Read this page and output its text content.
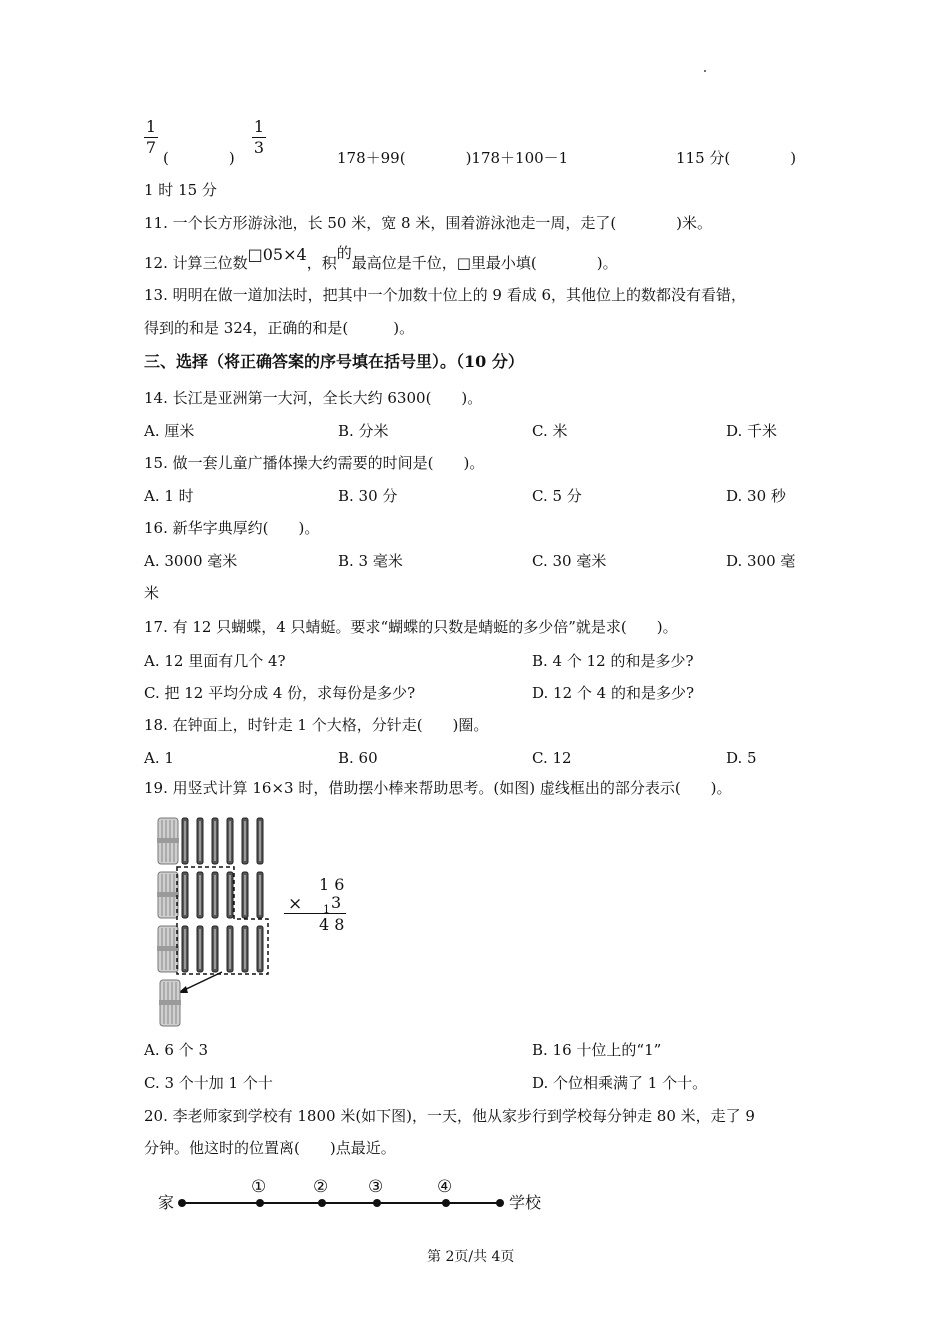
1
7
(　　　　)
1
3
178＋99(　　　　)178＋100－1	115 分(　　　　)
1 时 15 分
11. 一个长方形游泳池，长 50 米，宽 8 米，围着游泳池走一周，走了(　　　　)米。
12. 计算三位数□05×4，积的最高位是千位，□里最小填(　　　　)。
13. 明明在做一道加法时，把其中一个加数十位上的 9 看成 6，其他位上的数都没有看错，
得到的和是 324，正确的和是(　　　)。
三、选择（将正确答案的序号填在括号里）。（10 分）
14. 长江是亚洲第一大河，全长大约 6300(　　)。
A. 厘米	B. 分米	C. 米	D. 千米
15. 做一套儿童广播体操大约需要的时间是(　　)。
A. 1 时	B. 30 分	C. 5 分	D. 30 秒
16. 新华字典厚约(　　)。
A. 3000 毫米	B. 3 毫米	C. 30 毫米	D. 300 毫
米
17. 有 12 只蝴蝶，4 只蜻蜓。要求“蝴蝶的只数是蜻蜓的多少倍”就是求(　　)。
A. 12 里面有几个 4?	B. 4 个 12 的和是多少?
C. 把 12 平均分成 4 份，求每份是多少?	D. 12 个 4 的和是多少?
18. 在钟面上，时针走 1 个大格，分针走(　　)圈。
A. 1	B. 60	C. 12	D. 5
19. 用竖式计算 16×3 时，借助摆小棒来帮助思考。(如图) 虚线框出的部分表示(　　)。
1 6
× 1 3
4 8
A. 6 个 3	B. 16 十位上的“1”
C. 3 个十加 1 个十	D. 个位相乘满了 1 个十。
20. 李老师家到学校有 1800 米(如下图)，一天，他从家步行到学校每分钟走 80 米，走了 9
分钟。他这时的位置离(　　)点最近。
家	学校
①	② ③	④
第 2页/共 4页
